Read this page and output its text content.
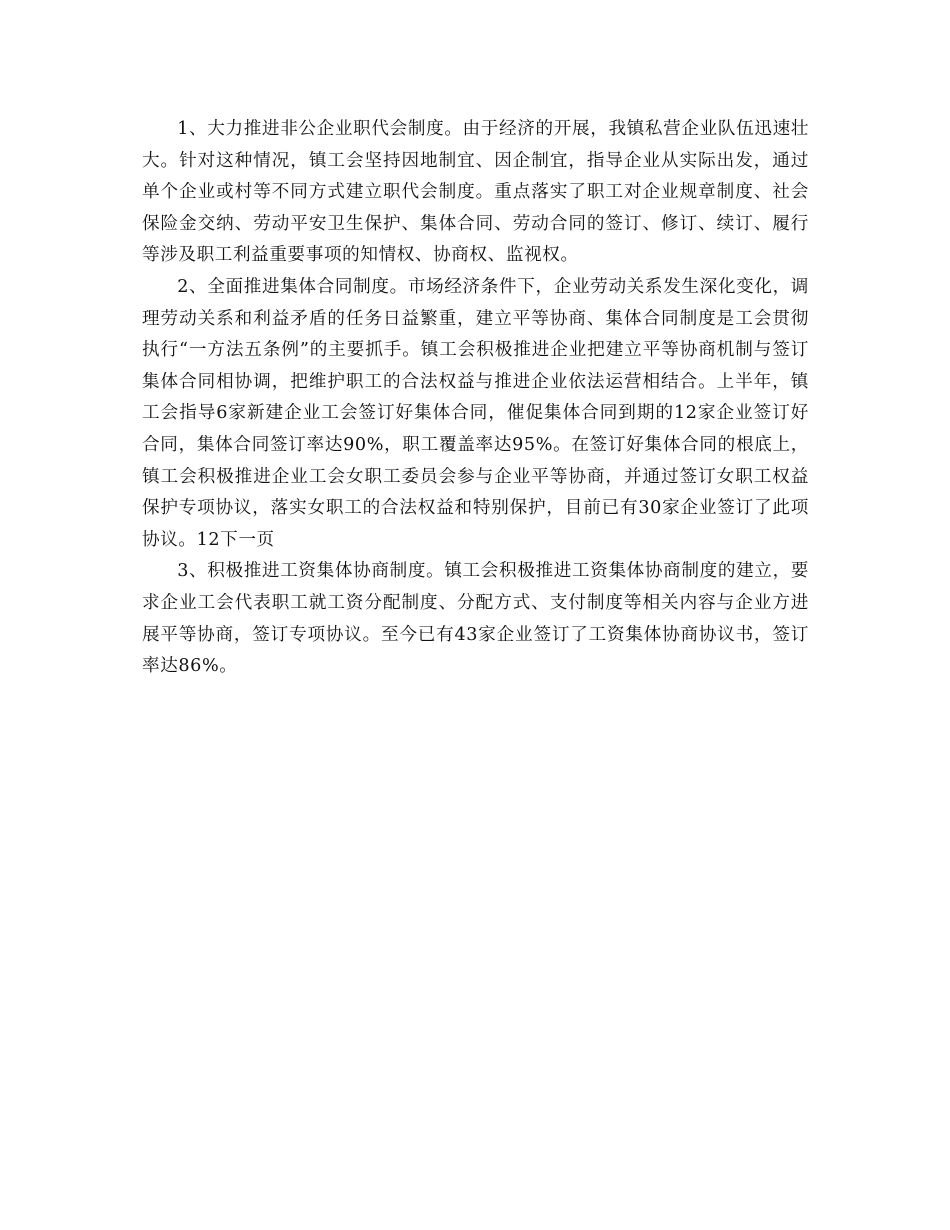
1、大力推进非公企业职代会制度。由于经济的开展，我镇私营企业队伍迅速壮大。针对这种情况，镇工会坚持因地制宜、因企制宜，指导企业从实际出发，通过单个企业或村等不同方式建立职代会制度。重点落实了职工对企业规章制度、社会保险金交纳、劳动平安卫生保护、集体合同、劳动合同的签订、修订、续订、履行等涉及职工利益重要事项的知情权、协商权、监视权。

2、全面推进集体合同制度。市场经济条件下，企业劳动关系发生深化变化，调理劳动关系和利益矛盾的任务日益繁重，建立平等协商、集体合同制度是工会贯彻执行“一方法五条例”的主要抓手。镇工会积极推进企业把建立平等协商机制与签订集体合同相协调，把维护职工的合法权益与推进企业依法运营相结合。上半年，镇工会指导6家新建企业工会签订好集体合同，催促集体合同到期的12家企业签订好合同，集体合同签订率达90%，职工覆盖率达95%。在签订好集体合同的根底上，镇工会积极推进企业工会女职工委员会参与企业平等协商，并通过签订女职工权益保护专项协议，落实女职工的合法权益和特别保护，目前已有30家企业签订了此项协议。12下一页

3、积极推进工资集体协商制度。镇工会积极推进工资集体协商制度的建立，要求企业工会代表职工就工资分配制度、分配方式、支付制度等相关内容与企业方进展平等协商，签订专项协议。至今已有43家企业签订了工资集体协商协议书，签订率达86%。
